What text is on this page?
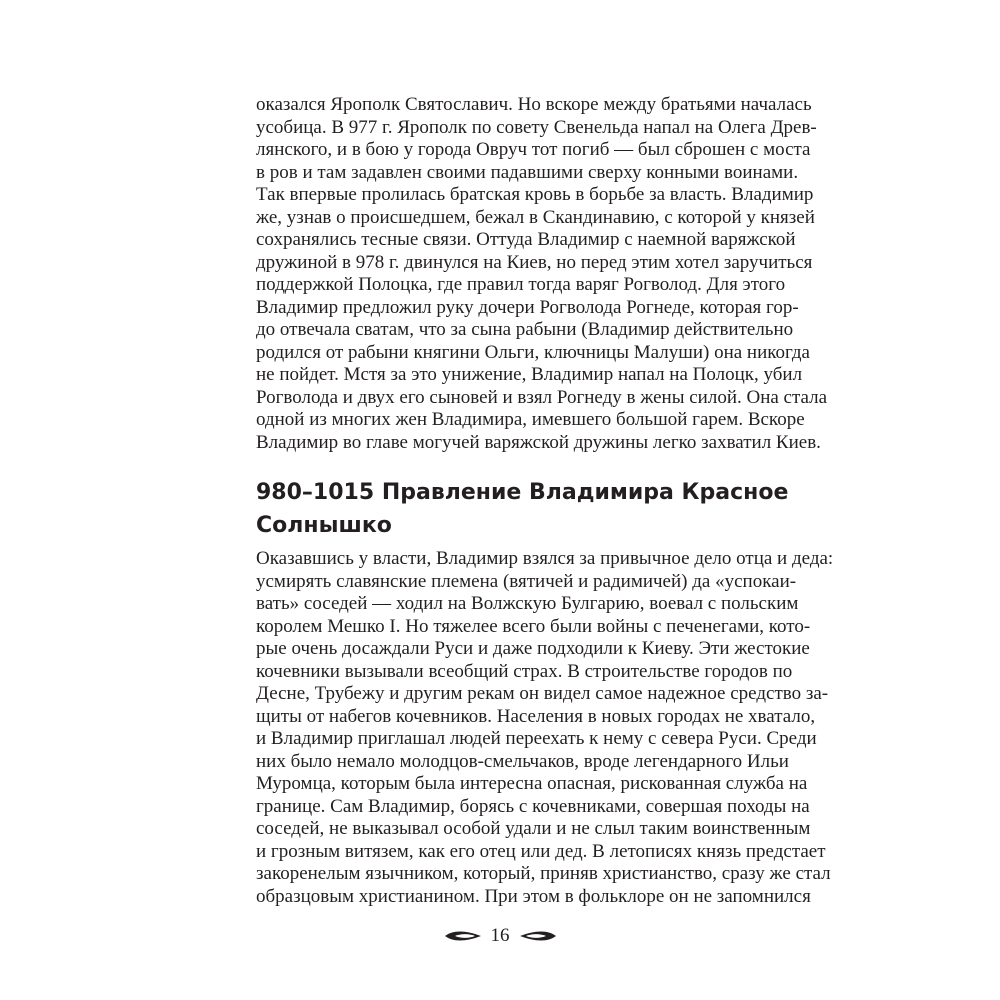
оказался Ярополк Святославич. Но вскоре между братьями началась
усобица. В 977 г. Ярополк по совету Свенельда напал на Олега Древ-
лянского, и в бою у города Овруч тот погиб — был сброшен с моста
в ров и там задавлен своими падавшими сверху конными воинами.
Так впервые пролилась братская кровь в борьбе за власть. Владимир
же, узнав о происшедшем, бежал в Скандинавию, с которой у князей
сохранялись тесные связи. Оттуда Владимир с наемной варяжской
дружиной в 978 г. двинулся на Киев, но перед этим хотел заручиться
поддержкой Полоцка, где правил тогда варяг Рогволод. Для этого
Владимир предложил руку дочери Рогволода Рогнеде, которая гор-
до отвечала сватам, что за сына рабыни (Владимир действительно
родился от рабыни княгини Ольги, ключницы Малуши) она никогда
не пойдет. Мстя за это унижение, Владимир напал на Полоцк, убил
Рогволода и двух его сыновей и взял Рогнеду в жены силой. Она стала
одной из многих жен Владимира, имевшего большой гарем. Вскоре
Владимир во главе могучей варяжской дружины легко захватил Киев.
980–1015 Правление Владимира Красное
Солнышко
Оказавшись у власти, Владимир взялся за привычное дело отца и деда:
усмирять славянские племена (вятичей и радимичей) да «успокаи-
вать» соседей — ходил на Волжскую Булгарию, воевал с польским
королем Мешко I. Но тяжелее всего были войны с печенегами, кото-
рые очень досаждали Руси и даже подходили к Киеву. Эти жестокие
кочевники вызывали всеобщий страх. В строительстве городов по
Десне, Трубежу и другим рекам он видел самое надежное средство за-
щиты от набегов кочевников. Населения в новых городах не хватало,
и Владимир приглашал людей переехать к нему с севера Руси. Среди
них было немало молодцов-смельчаков, вроде легендарного Ильи
Муромца, которым была интересна опасная, рискованная служба на
границе. Сам Владимир, борясь с кочевниками, совершая походы на
соседей, не выказывал особой удали и не слыл таким воинственным
и грозным витязем, как его отец или дед. В летописях князь предстает
закоренелым язычником, который, приняв христианство, сразу же стал
образцовым христианином. При этом в фольклоре он не запомнился
16
